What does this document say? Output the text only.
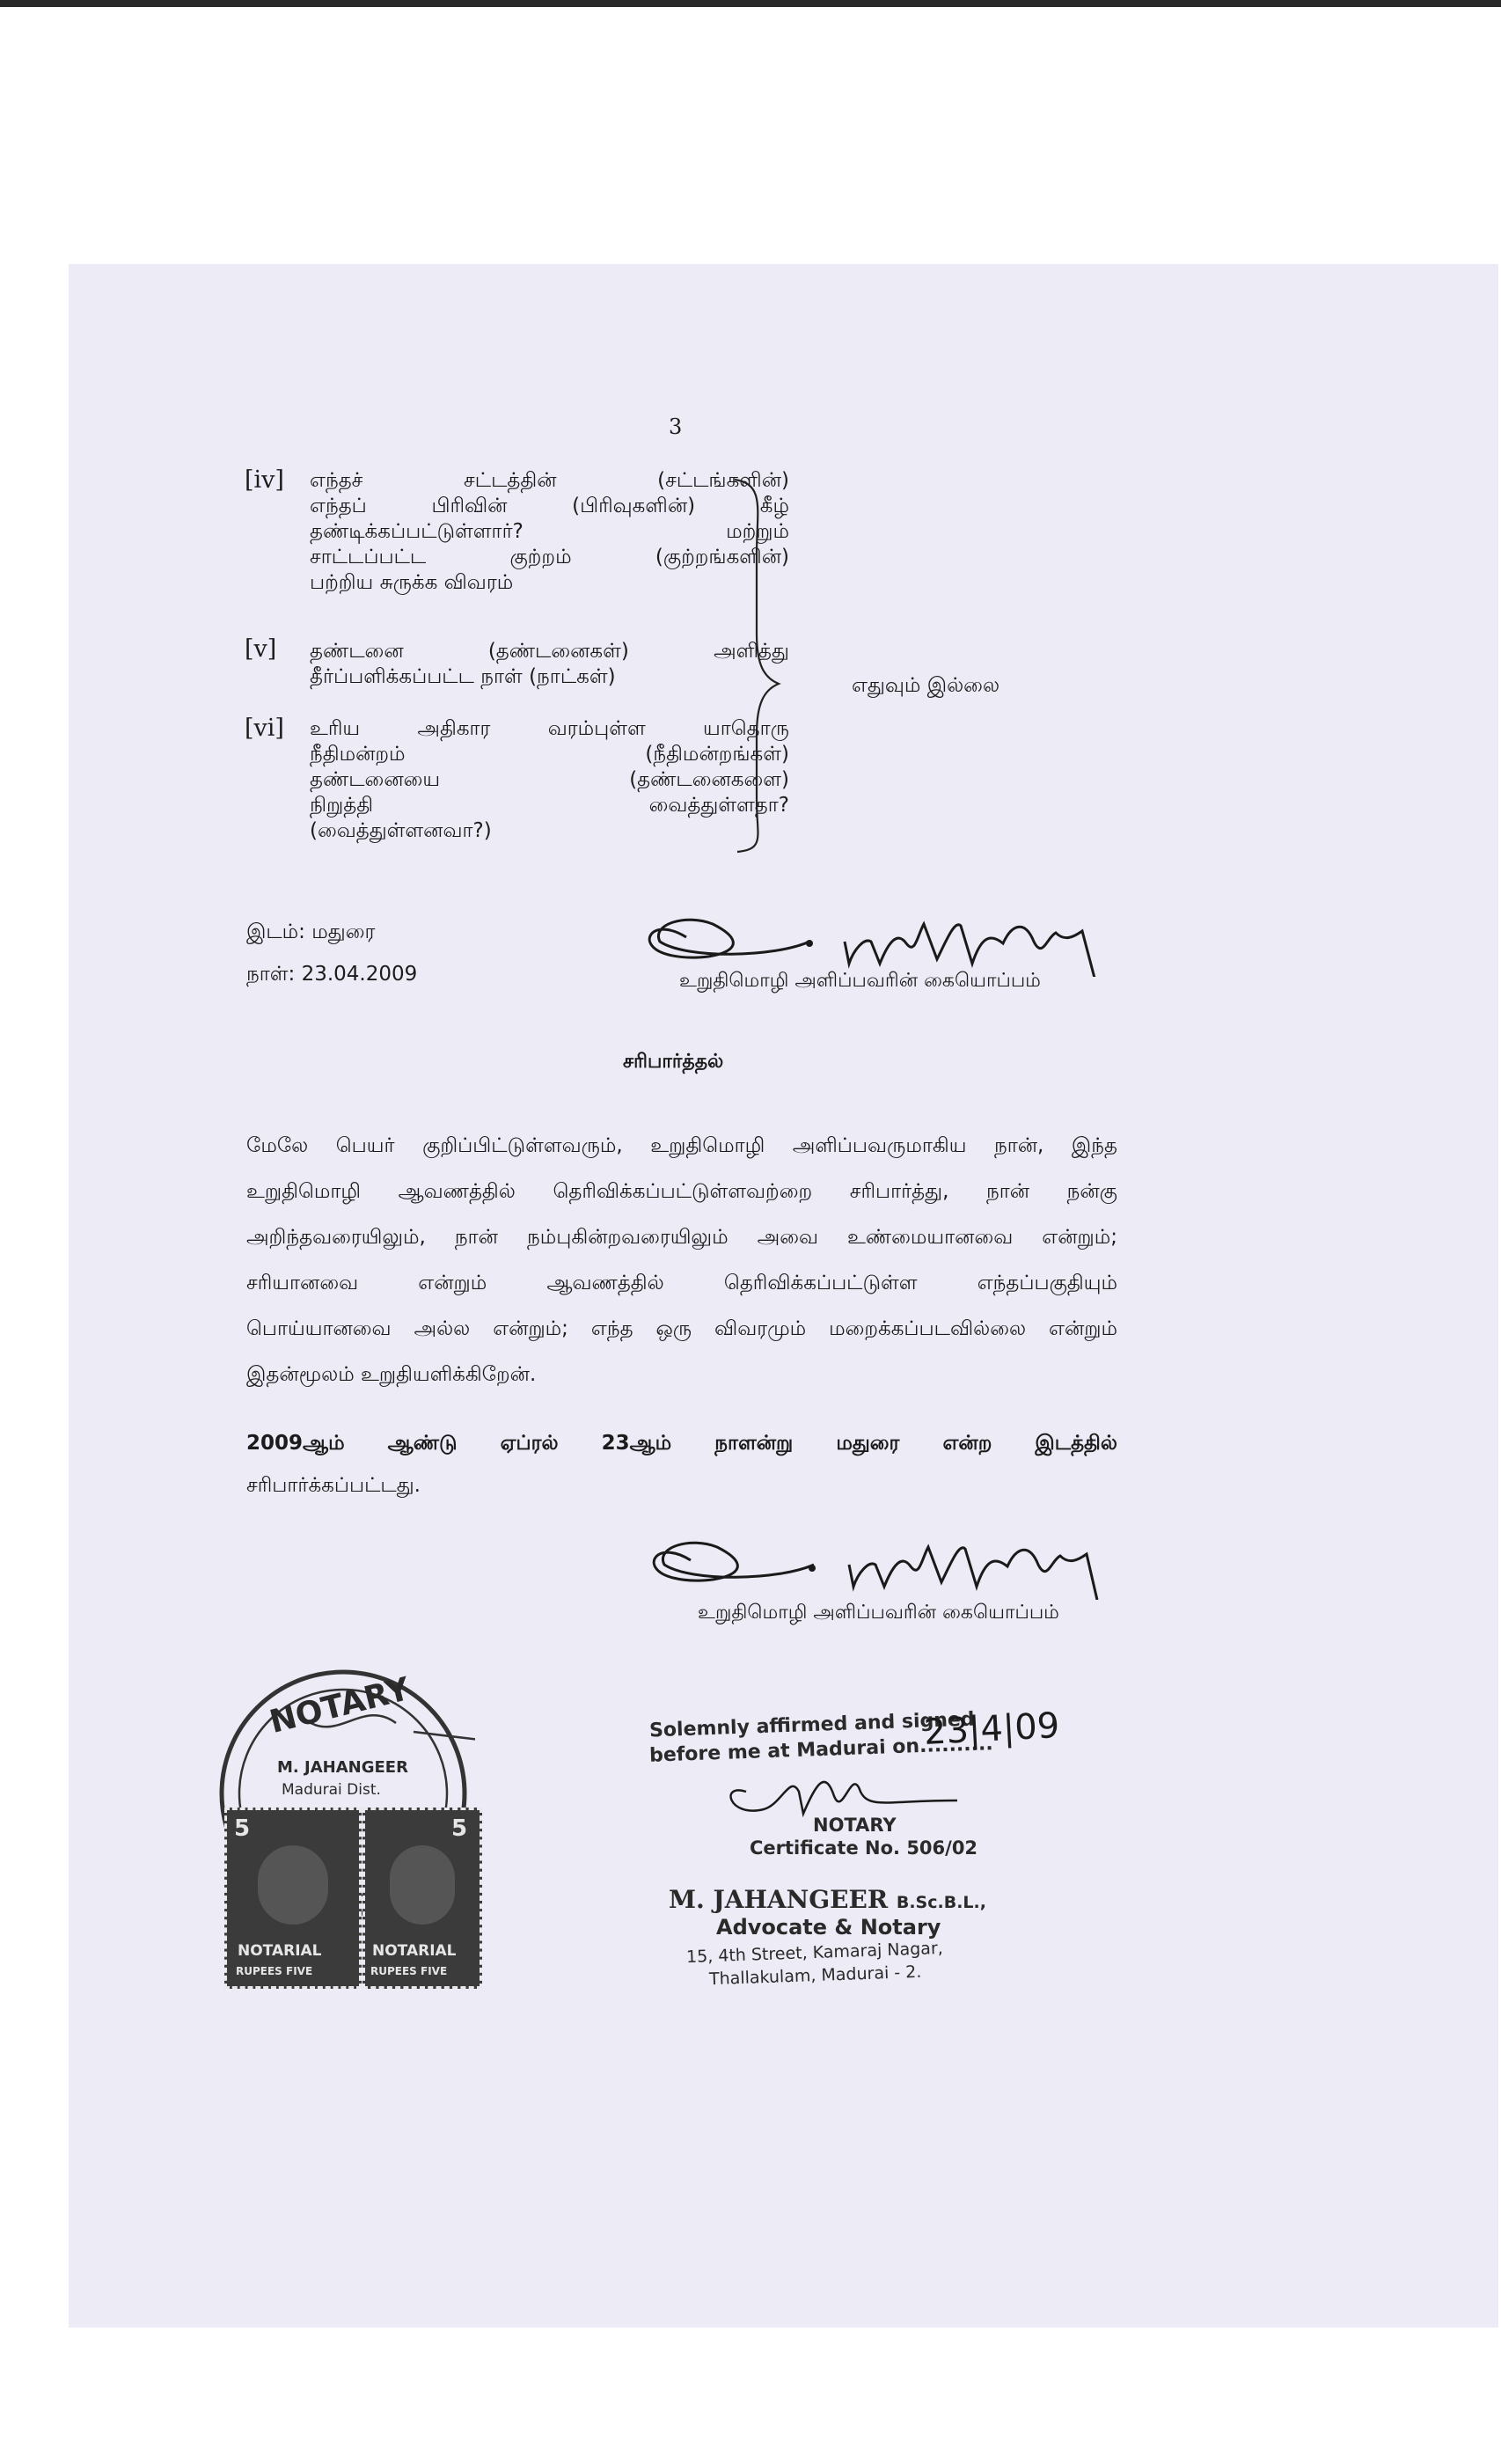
3
[iv] எந்தச் சட்டத்தின் (சட்டங்களின்)
எந்தப் பிரிவின் (பிரிவுகளின்) கீழ்
தண்டிக்கப்பட்டுள்ளார்? மற்றும்
சாட்டப்பட்ட குற்றம் (குற்றங்களின்)
பற்றிய சுருக்க விவரம்
[v] தண்டனை (தண்டனைகள்) அளித்து
தீர்ப்பளிக்கப்பட்ட நாள் (நாட்கள்)
[vi] உரிய அதிகார வரம்புள்ள யாதொரு
நீதிமன்றம் (நீதிமன்றங்கள்)
தண்டனையை (தண்டனைகளை)
நிறுத்தி வைத்துள்ளதா?
(வைத்துள்ளனவா?)
எதுவும் இல்லை
இடம்: மதுரை
நாள்: 23.04.2009	உறுதிமொழி அளிப்பவரின் கையொப்பம்
சரிபார்த்தல்
மேலே பெயர் குறிப்பிட்டுள்ளவரும், உறுதிமொழி அளிப்பவருமாகிய நான், இந்த
உறுதிமொழி ஆவணத்தில் தெரிவிக்கப்பட்டுள்ளவற்றை சரிபார்த்து, நான் நன்கு
அறிந்தவரையிலும், நான் நம்புகின்றவரையிலும் அவை உண்மையானவை என்றும்;
சரியானவை என்றும் ஆவணத்தில் தெரிவிக்கப்பட்டுள்ள எந்தப்பகுதியும்
பொய்யானவை அல்ல என்றும்; எந்த ஒரு விவரமும் மறைக்கப்படவில்லை என்றும்
இதன்மூலம் உறுதியளிக்கிறேன்.
2009ஆம் ஆண்டு ஏப்ரல் 23ஆம் நாளன்று மதுரை என்ற இடத்தில்
சரிபார்க்கப்பட்டது.
உறுதிமொழி அளிப்பவரின் கையொப்பம்
NOTARY
M. JAHANGEER
Madurai Dist.
5
NOTARIAL
RUPEES FIVE
5
NOTARIAL
RUPEES FIVE
Solemnly affirmed and signed
before me at Madurai on..........
23|4|09
NOTARY
Certificate No. 506/02
M. JAHANGEER B.Sc.B.L.,
Advocate & Notary
15, 4th Street, Kamaraj Nagar,
Thallakulam, Madurai - 2.
